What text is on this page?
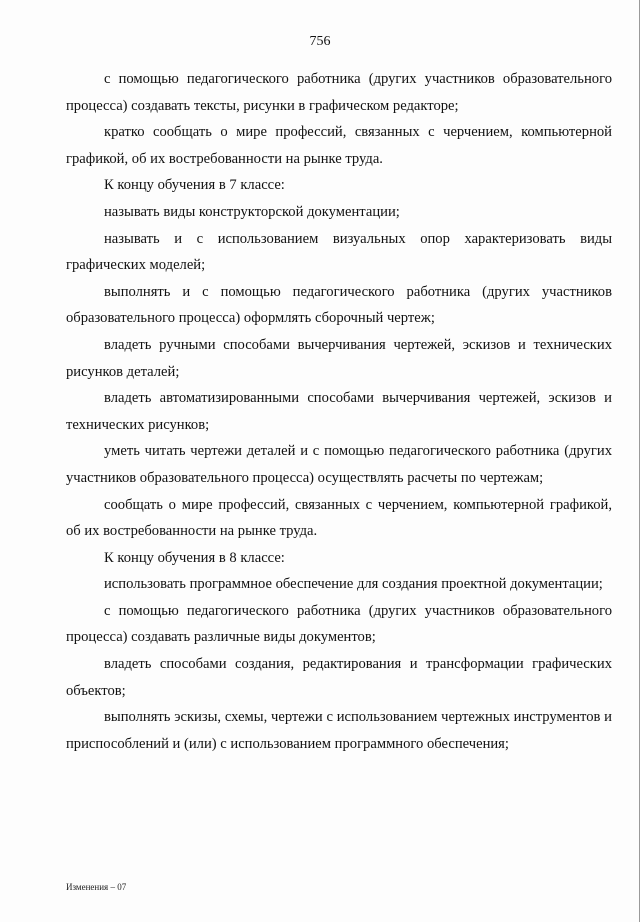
756

с помощью педагогического работника (других участников образовательного процесса) создавать тексты, рисунки в графическом редакторе;

кратко сообщать о мире профессий, связанных с черчением, компьютерной графикой, об их востребованности на рынке труда.

К концу обучения в 7 классе:

называть виды конструкторской документации;

называть и с использованием визуальных опор характеризовать виды графических моделей;

выполнять и с помощью педагогического работника (других участников образовательного процесса) оформлять сборочный чертеж;

владеть ручными способами вычерчивания чертежей, эскизов и технических рисунков деталей;

владеть автоматизированными способами вычерчивания чертежей, эскизов и технических рисунков;

уметь читать чертежи деталей и с помощью педагогического работника (других участников образовательного процесса) осуществлять расчеты по чертежам;

сообщать о мире профессий, связанных с черчением, компьютерной графикой, об их востребованности на рынке труда.

К концу обучения в 8 классе:

использовать программное обеспечение для создания проектной документации;

с помощью педагогического работника (других участников образовательного процесса) создавать различные виды документов;

владеть способами создания, редактирования и трансформации графических объектов;

выполнять эскизы, схемы, чертежи с использованием чертежных инструментов и приспособлений и (или) с использованием программного обеспечения;

Изменения – 07
